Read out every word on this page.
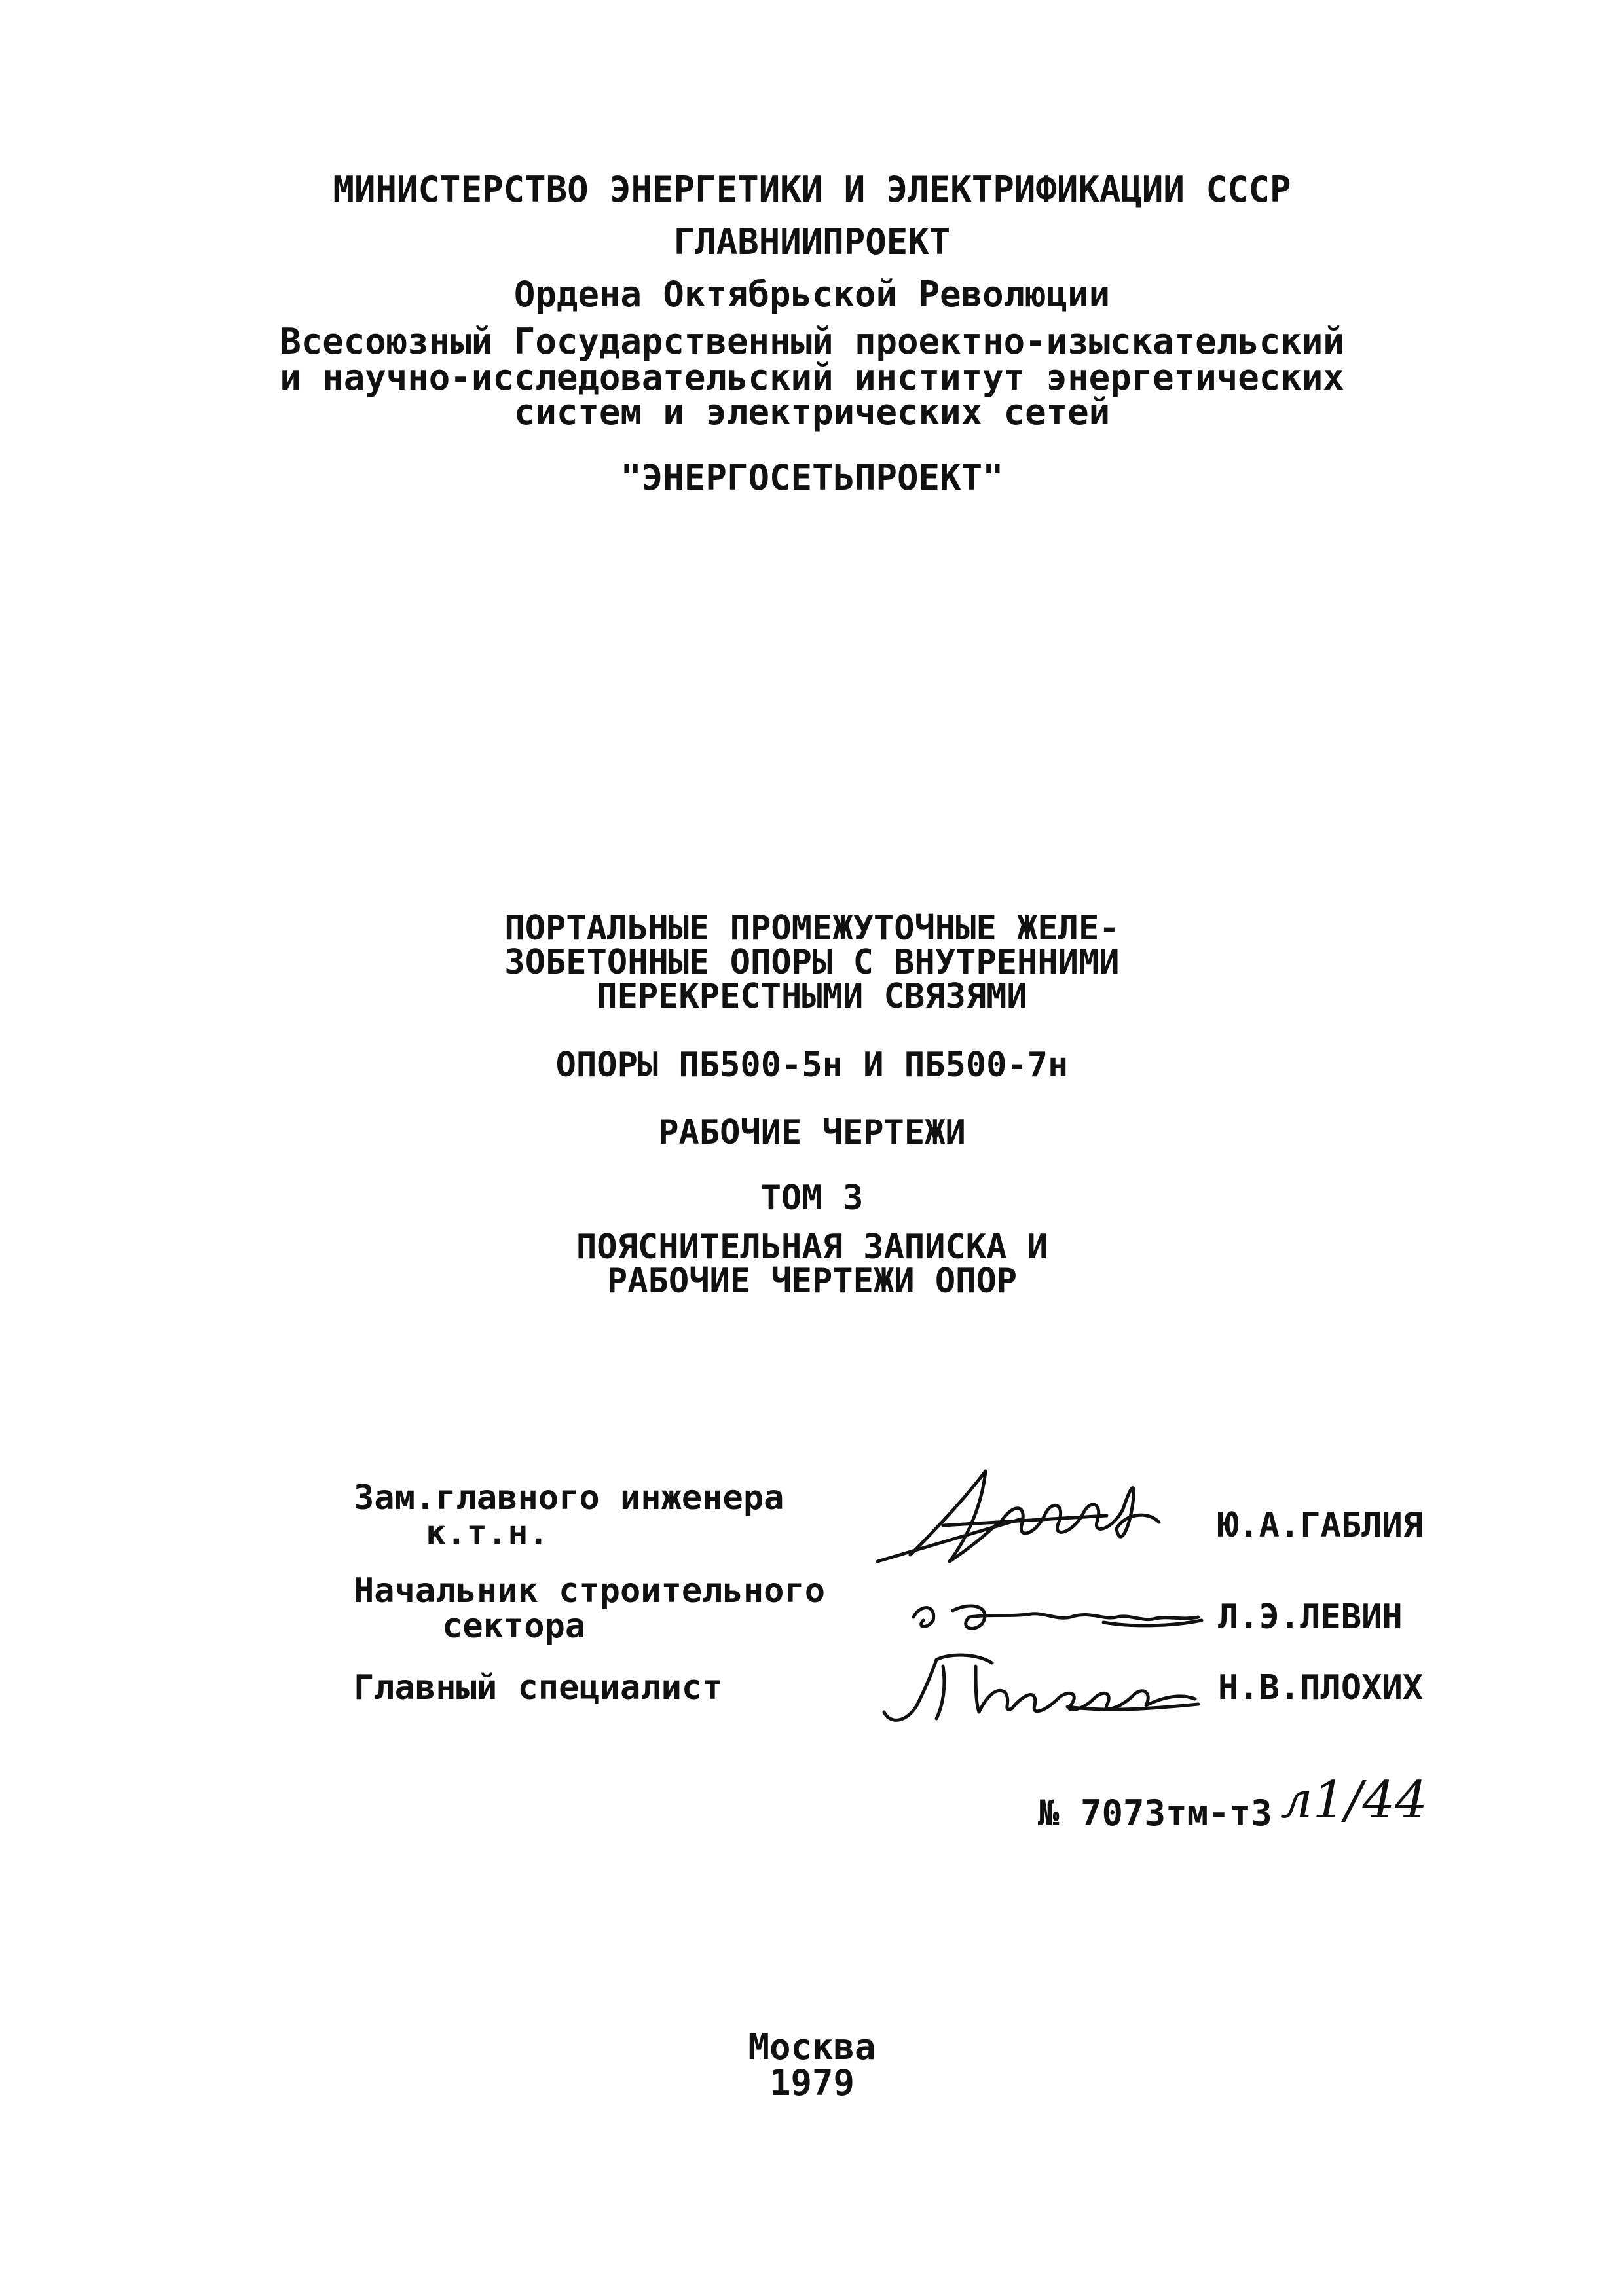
МИНИСТЕРСТВО ЭНЕРГЕТИКИ И ЭЛЕКТРИФИКАЦИИ СССР
ГЛАВНИИПРОЕКТ
Ордена Октябрьской Революции
Всесоюзный Государственный проектно-изыскательский
и научно-исследовательский институт энергетических
систем и электрических сетей
"ЭНЕРГОСЕТЬПРОЕКТ"
ПОРТАЛЬНЫЕ ПРОМЕЖУТОЧНЫЕ ЖЕЛЕ-
ЗОБЕТОННЫЕ ОПОРЫ С ВНУТРЕННИМИ
ПЕРЕКРЕСТНЫМИ СВЯЗЯМИ
ОПОРЫ ПБ500-5н И ПБ500-7н
РАБОЧИЕ ЧЕРТЕЖИ
ТОМ 3
ПОЯСНИТЕЛЬНАЯ ЗАПИСКА И
РАБОЧИЕ ЧЕРТЕЖИ ОПОР
Зам.главного инженера
к.т.н.	Ю.А.ГАБЛИЯ
Начальник строительного
сектора	Л.Э.ЛЕВИН
Главный специалист	Н.В.ПЛОХИХ
№ 7073тм-т3 л1/44
Москва
1979
